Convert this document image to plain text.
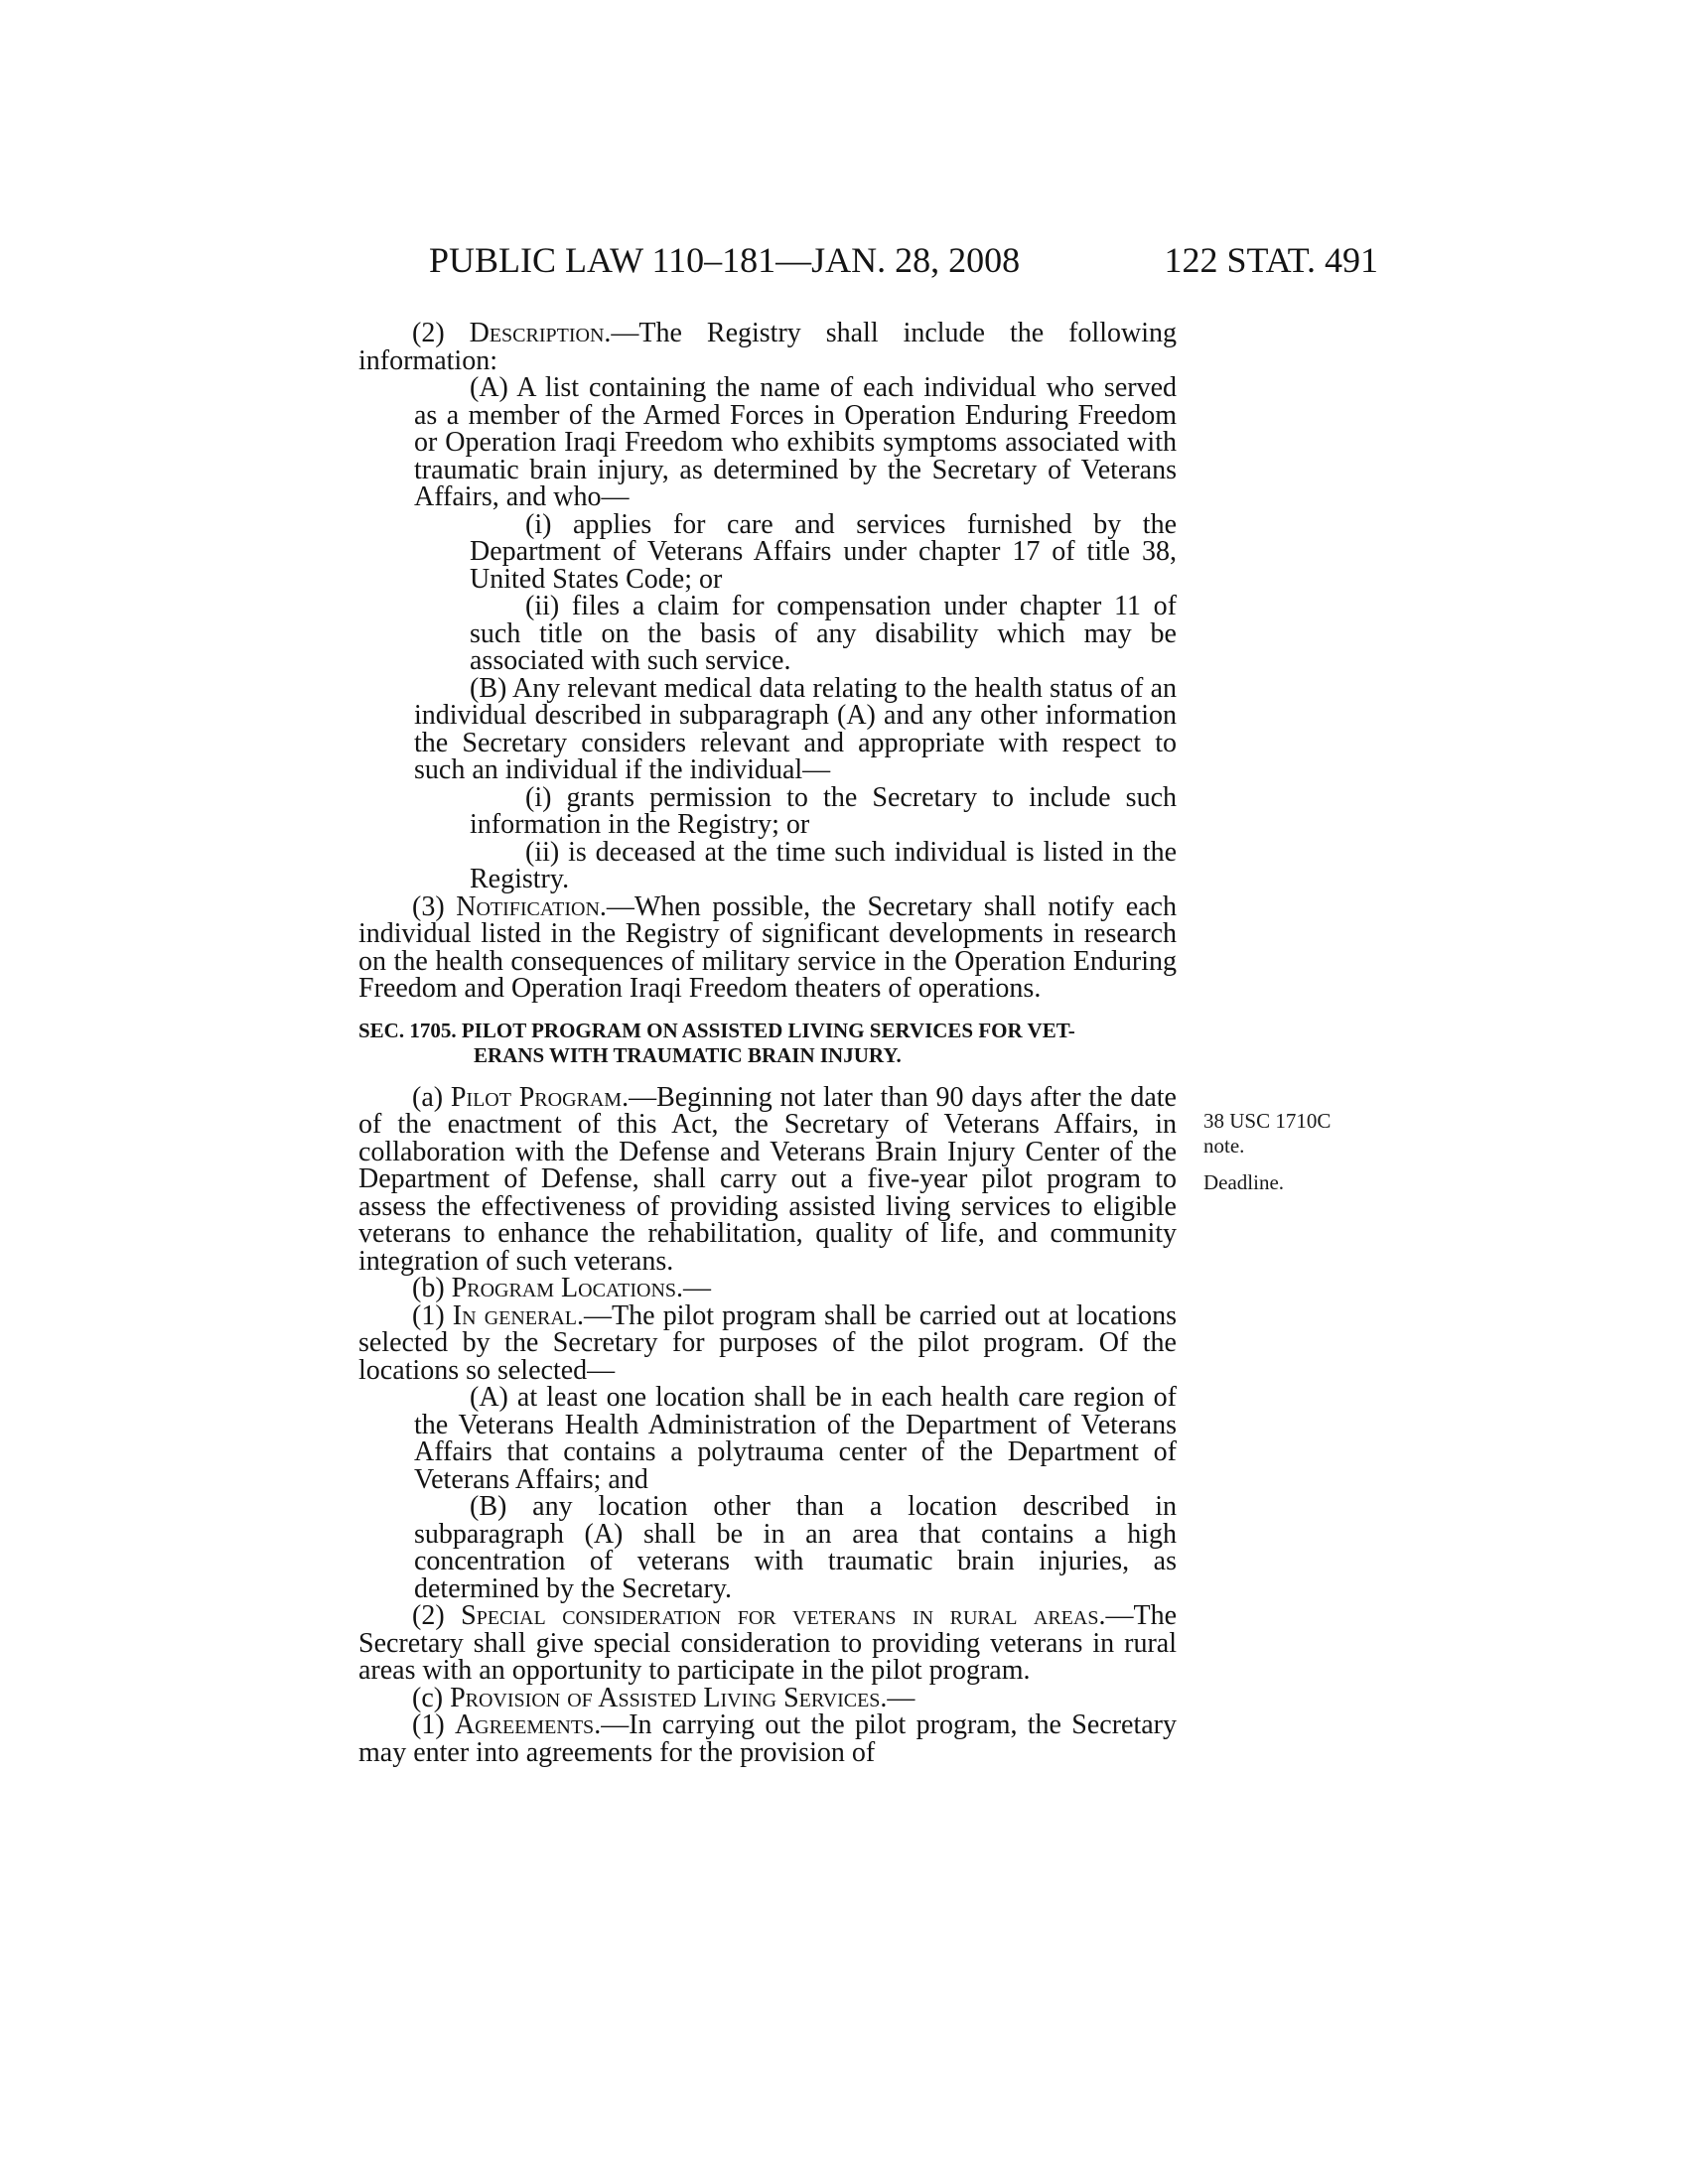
PUBLIC LAW 110–181—JAN. 28, 2008	122 STAT. 491
38 USC 1710C note.
Deadline.

(2) Description.—The Registry shall include the following information:

(A) A list containing the name of each individual who served as a member of the Armed Forces in Operation Enduring Freedom or Operation Iraqi Freedom who exhibits symptoms associated with traumatic brain injury, as determined by the Secretary of Veterans Affairs, and who—

(i) applies for care and services furnished by the Department of Veterans Affairs under chapter 17 of title 38, United States Code; or

(ii) files a claim for compensation under chapter 11 of such title on the basis of any disability which may be associated with such service.

(B) Any relevant medical data relating to the health status of an individual described in subparagraph (A) and any other information the Secretary considers relevant and appropriate with respect to such an individual if the individual—

(i) grants permission to the Secretary to include such information in the Registry; or

(ii) is deceased at the time such individual is listed in the Registry.

(3) Notification.—When possible, the Secretary shall notify each individual listed in the Registry of significant developments in research on the health consequences of military service in the Operation Enduring Freedom and Operation Iraqi Freedom theaters of operations.

SEC. 1705. PILOT PROGRAM ON ASSISTED LIVING SERVICES FOR VET-
ERANS WITH TRAUMATIC BRAIN INJURY.

(a) Pilot Program.—Beginning not later than 90 days after the date of the enactment of this Act, the Secretary of Veterans Affairs, in collaboration with the Defense and Veterans Brain Injury Center of the Department of Defense, shall carry out a five-year pilot program to assess the effectiveness of providing assisted living services to eligible veterans to enhance the rehabilitation, quality of life, and community integration of such veterans.

(b) Program Locations.—

(1) In general.—The pilot program shall be carried out at locations selected by the Secretary for purposes of the pilot program. Of the locations so selected—

(A) at least one location shall be in each health care region of the Veterans Health Administration of the Department of Veterans Affairs that contains a polytrauma center of the Department of Veterans Affairs; and

(B) any location other than a location described in subparagraph (A) shall be in an area that contains a high concentration of veterans with traumatic brain injuries, as determined by the Secretary.

(2) Special consideration for veterans in rural areas.—The Secretary shall give special consideration to providing veterans in rural areas with an opportunity to participate in the pilot program.

(c) Provision of Assisted Living Services.—

(1) Agreements.—In carrying out the pilot program, the Secretary may enter into agreements for the provision of
